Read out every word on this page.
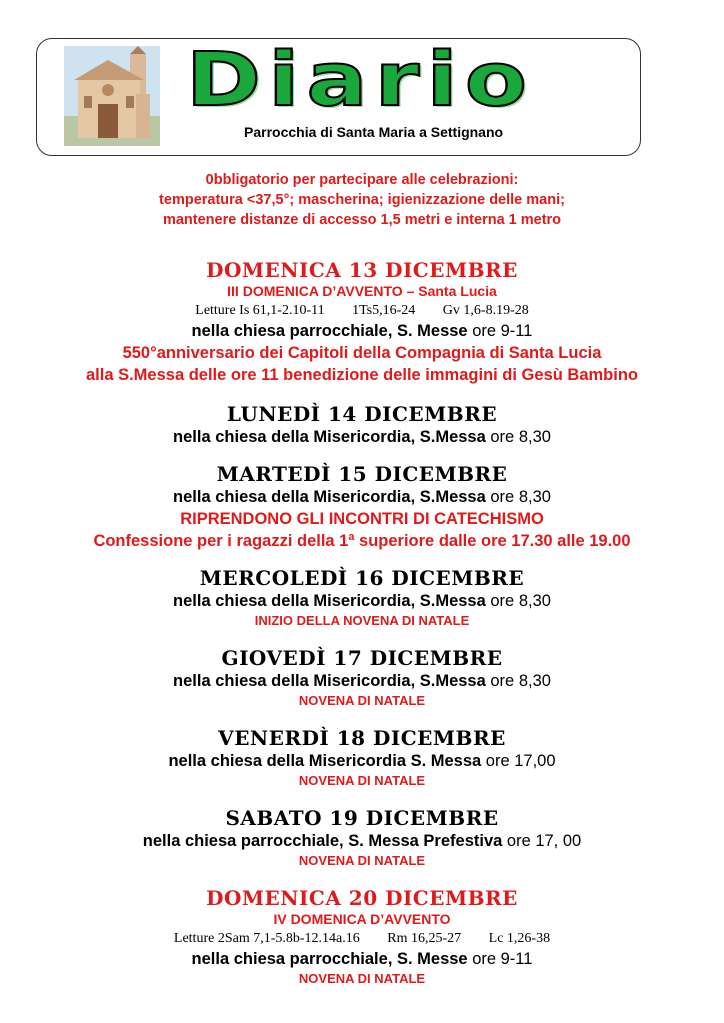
Diario
Parrocchia di Santa Maria a Settignano
0bbligatorio per partecipare alle celebrazioni:
temperatura <37,5°; mascherina; igienizzazione delle mani;
mantenere distanze di accesso 1,5 metri e interna 1 metro
DOMENICA 13 DICEMBRE
III DOMENICA D’AVVENTO – Santa Lucia
Letture Is 61,1-2.10-11 1Ts5,16-24 Gv 1,6-8.19-28
nella chiesa parrocchiale, S. Messe ore 9-11
550°anniversario dei Capitoli della Compagnia di Santa Lucia
alla S.Messa delle ore 11 benedizione delle immagini di Gesù Bambino
LUNEDÌ 14 DICEMBRE
nella chiesa della Misericordia, S.Messa ore 8,30
MARTEDÌ 15 DICEMBRE
nella chiesa della Misericordia, S.Messa ore 8,30
RIPRENDONO GLI INCONTRI DI CATECHISMO
Confessione per i ragazzi della 1ª superiore dalle ore 17.30 alle 19.00
MERCOLEDÌ 16 DICEMBRE
nella chiesa della Misericordia, S.Messa ore 8,30
INIZIO DELLA NOVENA DI NATALE
GIOVEDÌ 17 DICEMBRE
nella chiesa della Misericordia, S.Messa ore 8,30
NOVENA DI NATALE
VENERDÌ 18 DICEMBRE
nella chiesa della Misericordia S. Messa ore 17,00
NOVENA DI NATALE
SABATO 19 DICEMBRE
nella chiesa parrocchiale, S. Messa Prefestiva ore 17, 00
NOVENA DI NATALE
DOMENICA 20 DICEMBRE
IV DOMENICA D’AVVENTO
Letture 2Sam 7,1-5.8b-12.14a.16 Rm 16,25-27 Lc 1,26-38
nella chiesa parrocchiale, S. Messe ore 9-11
NOVENA DI NATALE
